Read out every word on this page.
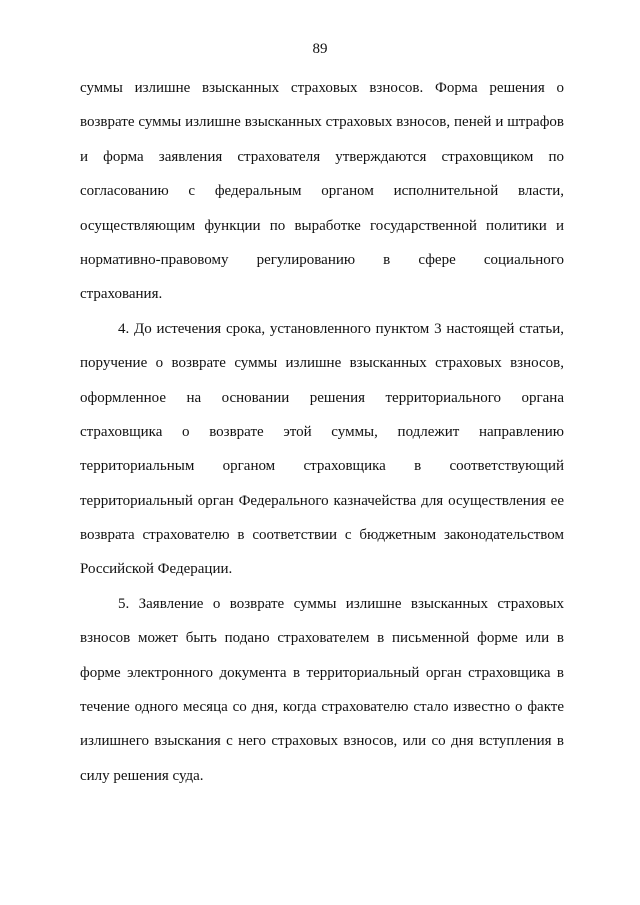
89
суммы излишне взысканных страховых взносов. Форма решения о
возврате суммы излишне взысканных страховых взносов, пеней и штрафов
и форма заявления страхователя утверждаются страховщиком по
согласованию с федеральным органом исполнительной власти,
осуществляющим функции по выработке государственной политики и
нормативно-правовому регулированию в сфере социального
страхования.
4. До истечения срока, установленного пунктом 3 настоящей статьи,
поручение о возврате суммы излишне взысканных страховых взносов,
оформленное на основании решения территориального органа
страховщика о возврате этой суммы, подлежит направлению
территориальным органом страховщика в соответствующий
территориальный орган Федерального казначейства для осуществления ее
возврата страхователю в соответствии с бюджетным законодательством
Российской Федерации.
5. Заявление о возврате суммы излишне взысканных страховых
взносов может быть подано страхователем в письменной форме или в
форме электронного документа в территориальный орган страховщика в
течение одного месяца со дня, когда страхователю стало известно о факте
излишнего взыскания с него страховых взносов, или со дня вступления в
силу решения суда.
